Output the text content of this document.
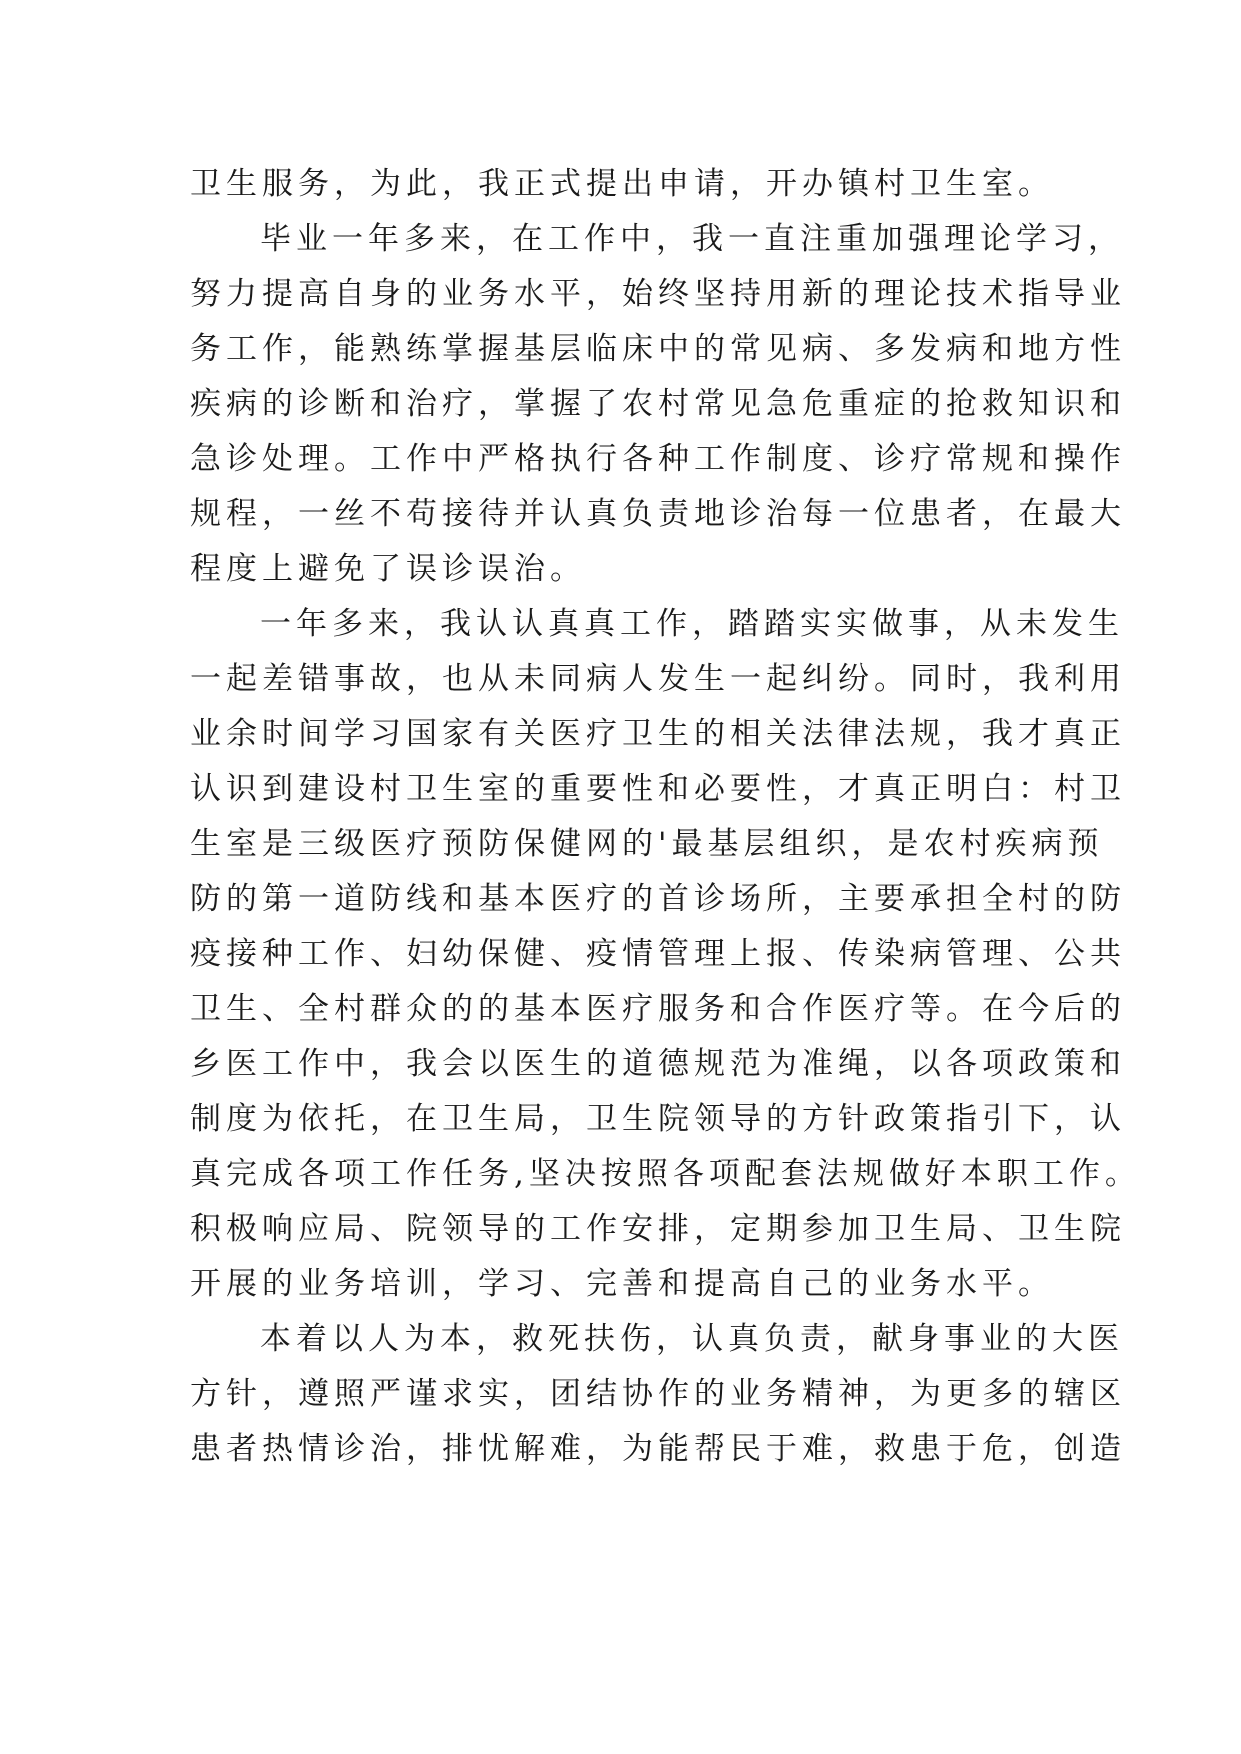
卫生服务，为此，我正式提出申请，开办镇村卫生室。
毕业一年多来，在工作中，我一直注重加强理论学习，
努力提高自身的业务水平，始终坚持用新的理论技术指导业
务工作，能熟练掌握基层临床中的常见病、多发病和地方性
疾病的诊断和治疗，掌握了农村常见急危重症的抢救知识和
急诊处理。工作中严格执行各种工作制度、诊疗常规和操作
规程，一丝不苟接待并认真负责地诊治每一位患者，在最大
程度上避免了误诊误治。
一年多来，我认认真真工作，踏踏实实做事，从未发生
一起差错事故，也从未同病人发生一起纠纷。同时，我利用
业余时间学习国家有关医疗卫生的相关法律法规，我才真正
认识到建设村卫生室的重要性和必要性，才真正明白：村卫
生室是三级医疗预防保健网的'最基层组织，是农村疾病预
防的第一道防线和基本医疗的首诊场所，主要承担全村的防
疫接种工作、妇幼保健、疫情管理上报、传染病管理、公共
卫生、全村群众的的基本医疗服务和合作医疗等。在今后的
乡医工作中，我会以医生的道德规范为准绳，以各项政策和
制度为依托，在卫生局，卫生院领导的方针政策指引下，认
真完成各项工作任务,坚决按照各项配套法规做好本职工作。
积极响应局、院领导的工作安排，定期参加卫生局、卫生院
开展的业务培训，学习、完善和提高自己的业务水平。
本着以人为本，救死扶伤，认真负责，献身事业的大医
方针，遵照严谨求实，团结协作的业务精神，为更多的辖区
患者热情诊治，排忧解难，为能帮民于难，救患于危，创造
